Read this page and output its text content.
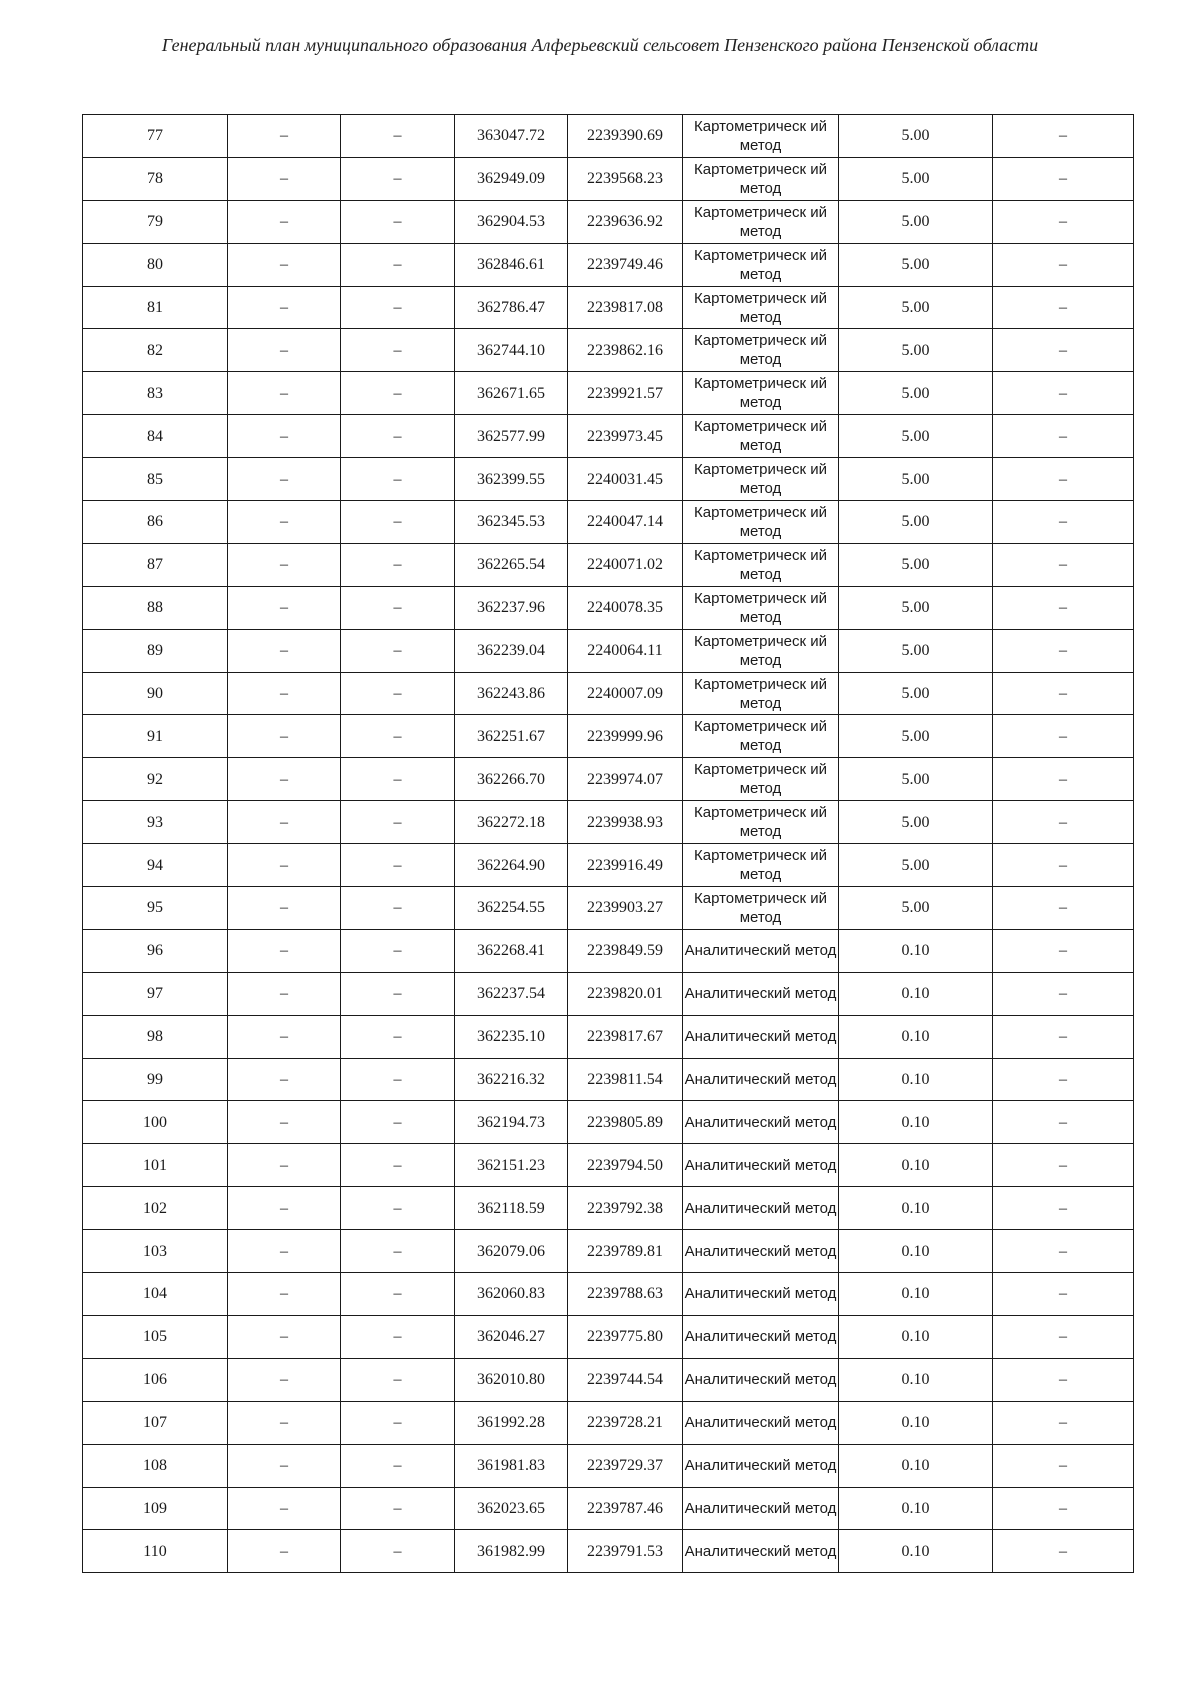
Генеральный план муниципального образования Алферьевский сельсовет Пензенского района Пензенской области
77	–	–	363047.72	2239390.69	Картометрическ ий метод	5.00	–
78	–	–	362949.09	2239568.23	Картометрическ ий метод	5.00	–
79	–	–	362904.53	2239636.92	Картометрическ ий метод	5.00	–
80	–	–	362846.61	2239749.46	Картометрическ ий метод	5.00	–
81	–	–	362786.47	2239817.08	Картометрическ ий метод	5.00	–
82	–	–	362744.10	2239862.16	Картометрическ ий метод	5.00	–
83	–	–	362671.65	2239921.57	Картометрическ ий метод	5.00	–
84	–	–	362577.99	2239973.45	Картометрическ ий метод	5.00	–
85	–	–	362399.55	2240031.45	Картометрическ ий метод	5.00	–
86	–	–	362345.53	2240047.14	Картометрическ ий метод	5.00	–
87	–	–	362265.54	2240071.02	Картометрическ ий метод	5.00	–
88	–	–	362237.96	2240078.35	Картометрическ ий метод	5.00	–
89	–	–	362239.04	2240064.11	Картометрическ ий метод	5.00	–
90	–	–	362243.86	2240007.09	Картометрическ ий метод	5.00	–
91	–	–	362251.67	2239999.96	Картометрическ ий метод	5.00	–
92	–	–	362266.70	2239974.07	Картометрическ ий метод	5.00	–
93	–	–	362272.18	2239938.93	Картометрическ ий метод	5.00	–
94	–	–	362264.90	2239916.49	Картометрическ ий метод	5.00	–
95	–	–	362254.55	2239903.27	Картометрическ ий метод	5.00	–
96	–	–	362268.41	2239849.59	Аналитический метод	0.10	–
97	–	–	362237.54	2239820.01	Аналитический метод	0.10	–
98	–	–	362235.10	2239817.67	Аналитический метод	0.10	–
99	–	–	362216.32	2239811.54	Аналитический метод	0.10	–
100	–	–	362194.73	2239805.89	Аналитический метод	0.10	–
101	–	–	362151.23	2239794.50	Аналитический метод	0.10	–
102	–	–	362118.59	2239792.38	Аналитический метод	0.10	–
103	–	–	362079.06	2239789.81	Аналитический метод	0.10	–
104	–	–	362060.83	2239788.63	Аналитический метод	0.10	–
105	–	–	362046.27	2239775.80	Аналитический метод	0.10	–
106	–	–	362010.80	2239744.54	Аналитический метод	0.10	–
107	–	–	361992.28	2239728.21	Аналитический метод	0.10	–
108	–	–	361981.83	2239729.37	Аналитический метод	0.10	–
109	–	–	362023.65	2239787.46	Аналитический метод	0.10	–
110	–	–	361982.99	2239791.53	Аналитический метод	0.10	–
